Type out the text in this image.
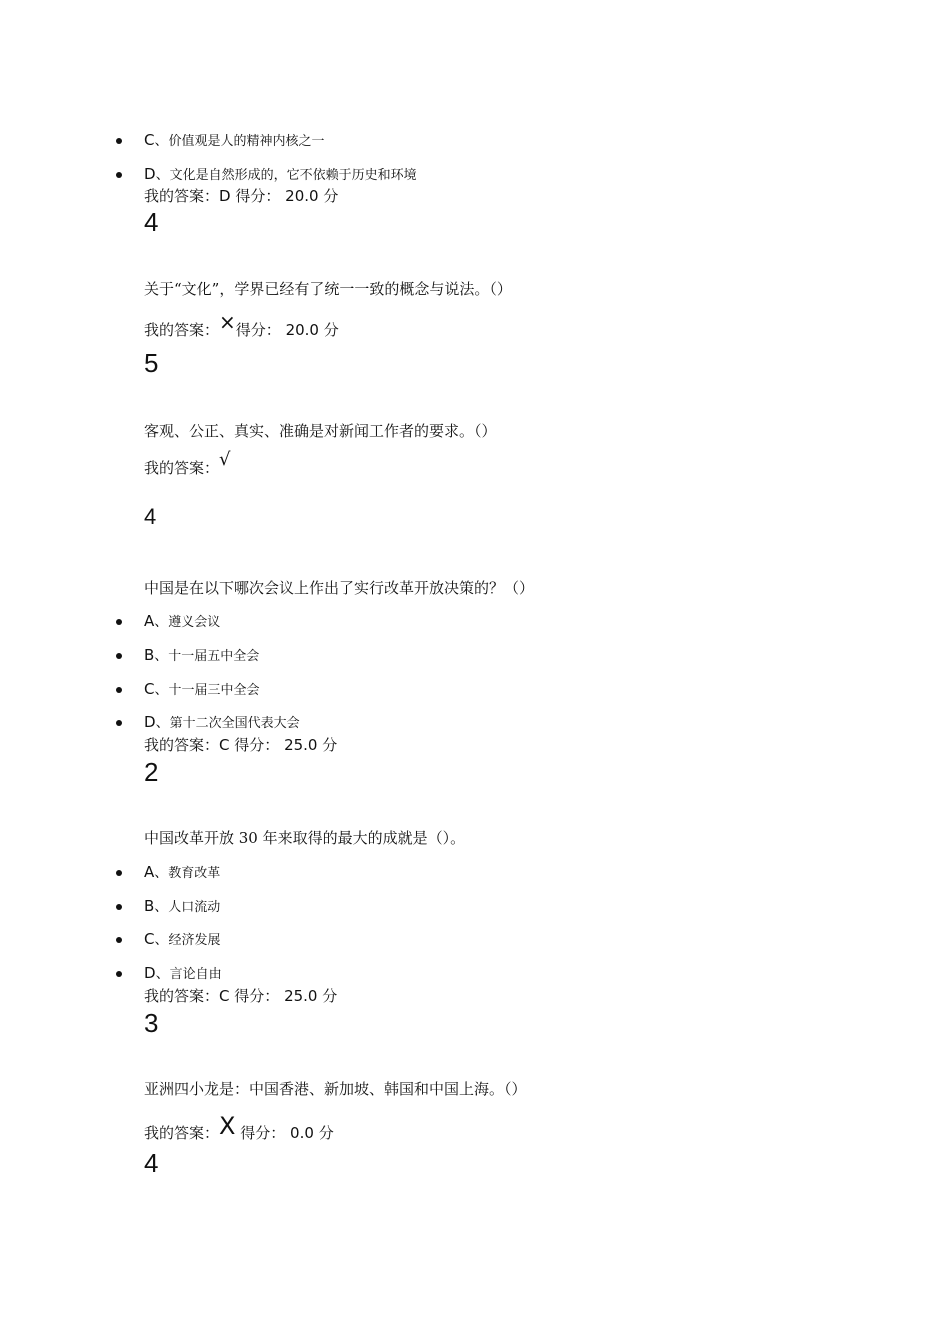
C、价值观是人的精神内核之一
D、文化是自然形成的，它不依赖于历史和环境
我的答案：D 得分： 20.0 分
4
关于“文化”，学界已经有了统一一致的概念与说法。（）
我的答案：×得分： 20.0 分
5
客观、公正、真实、准确是对新闻工作者的要求。（）
我的答案：√
4
中国是在以下哪次会议上作出了实行改革开放决策的？（）
A、遵义会议
B、十一届五中全会
C、十一届三中全会
D、第十二次全国代表大会
我的答案：C 得分： 25.0 分
2
中国改革开放 30 年来取得的最大的成就是（）。
A、教育改革
B、人口流动
C、经济发展
D、言论自由
我的答案：C 得分： 25.0 分
3
亚洲四小龙是：中国香港、新加坡、韩国和中国上海。（）
我的答案：X 得分： 0.0 分
4
